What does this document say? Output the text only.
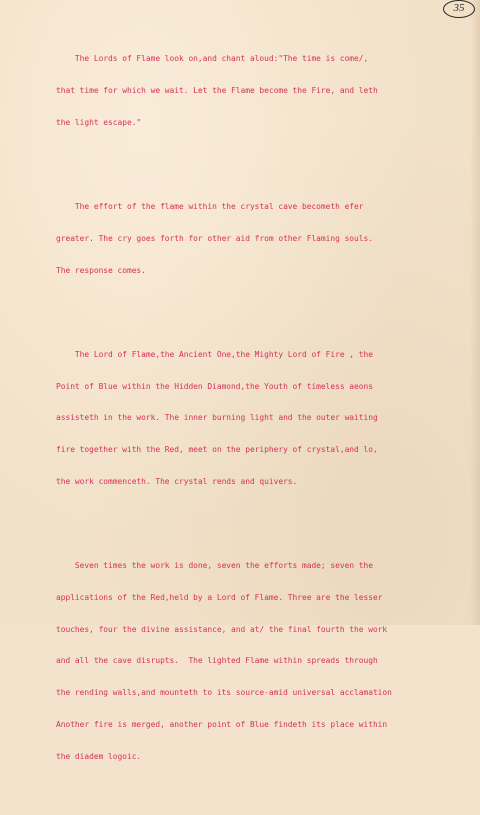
35

The Lords of Flame look on,and chant aloud:"The time is come/,

that time for which we wait. Let the Flame become the Fire, and leth

the light escape."

The effort of the flame within the crystal cave becometh efer

greater. The cry goes forth for other aid from other Flaming souls.

The response comes.

The Lord of Flame,the Ancient One,the Mighty Lord of Fire , the

Point of Blue within the Hidden Diamond,the Youth of timeless aeons

assisteth in the work. The inner burning light and the outer waiting

fire together with the Red, meet on the periphery of crystal,and lo,

the work commenceth. The crystal rends and quivers.

Seven times the work is done, seven the efforts made; seven the

applications of the Red,held by a Lord of Flame. Three are the lesser

touches, four the divine assistance, and at/ the final fourth the work

and all the cave disrupts.  The lighted Flame within spreads through

the rending walls,and mounteth to its source-amid universal acclamation

Another fire is merged, another point of Blue findeth its place within

the diadem logoic.
